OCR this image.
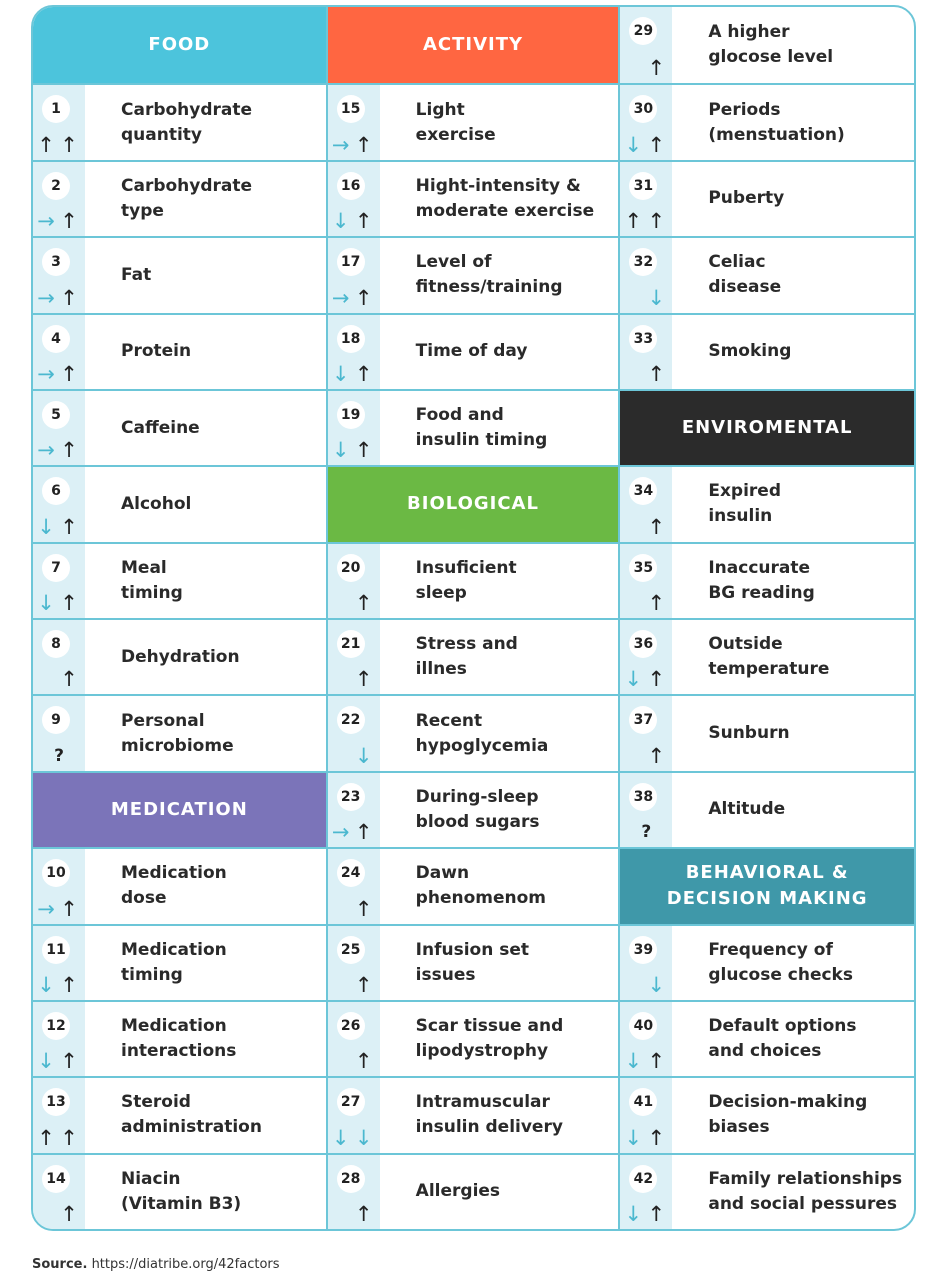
FOOD
1
↑ ↑
Carbohydrate
quantity
2
→ ↑
Carbohydrate
type
3
→ ↑
Fat
4
→ ↑
Protein
5
→ ↑
Caffeine
6
↓ ↑
Alcohol
7
↓ ↑
Meal
timing
8
↑
Dehydration
9
?
Personal
microbiome
MEDICATION
10
→ ↑
Medication
dose
11
↓ ↑
Medication
timing
12
↓ ↑
Medication
interactions
13
↑ ↑
Steroid
administration
14
↑
Niacin
(Vitamin B3)
ACTIVITY
15
→ ↑
Light
exercise
16
↓ ↑
Hight-intensity &
moderate exercise
17
→ ↑
Level of
fitness/training
18
↓ ↑
Time of day
19
↓ ↑
Food and
insulin timing
BIOLOGICAL
20
↑
Insuficient
sleep
21
↑
Stress and
illnes
22
↓
Recent
hypoglycemia
23
→ ↑
During-sleep
blood sugars
24
↑
Dawn
phenomenom
25
↑
Infusion set
issues
26
↑
Scar tissue and
lipodystrophy
27
↓ ↓
Intramuscular
insulin delivery
28
↑
Allergies
29
↑
A higher
glocose level
30
↓ ↑
Periods
(menstuation)
31
↑ ↑
Puberty
32
↓
Celiac
disease
33
↑
Smoking
ENVIROMENTAL
34
↑
Expired
insulin
35
↑
Inaccurate
BG reading
36
↓ ↑
Outside
temperature
37
↑
Sunburn
38
?
Altitude
BEHAVIORAL &
DECISION MAKING
39
↓
Frequency of
glucose checks
40
↓ ↑
Default options
and choices
41
↓ ↑
Decision-making
biases
42
↓ ↑
Family relationships
and social pessures
Source. https://diatribe.org/42factors
